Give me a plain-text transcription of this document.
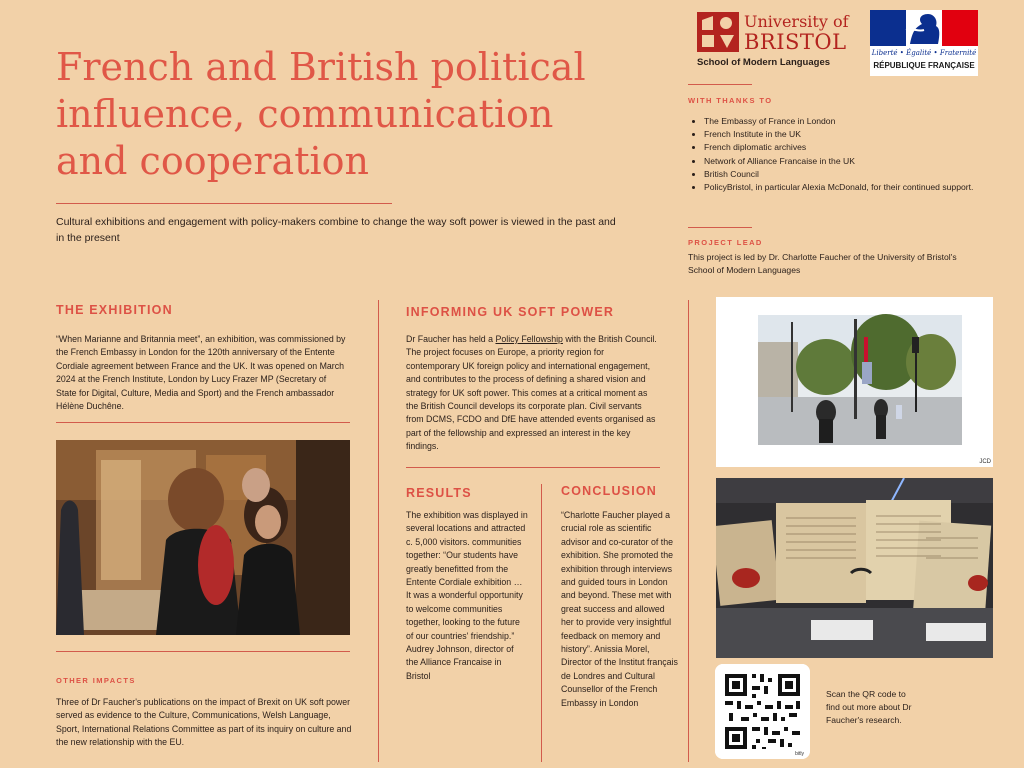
French and British political
influence, communication
and cooperation
Cultural exhibitions and engagement with policy-makers combine to change the way soft power is viewed in the past and in the present
University of
BRISTOL
School of Modern Languages
Liberté • Égalité • Fraternité
RÉPUBLIQUE FRANÇAISE
WITH THANKS TO
• The Embassy of France in London
• French Institute in the UK
• French diplomatic archives
• Network of Alliance Francaise in the UK
• British Council
• PolicyBristol, in particular Alexia McDonald, for their continued support.
PROJECT LEAD
This project is led by Dr. Charlotte Faucher of the University of Bristol's School of Modern Languages
THE EXHIBITION
“When Marianne and Britannia meet”, an exhibition, was commissioned by the French Embassy in London for the 120th anniversary of the Entente Cordiale agreement between France and the UK. It was opened on March 2024 at the French Institute, London by Lucy Frazer MP (Secretary of State for Digital, Culture, Media and Sport) and the French ambassador Hélène Duchêne.
OTHER IMPACTS
Three of Dr Faucher's publications on the impact of Brexit on UK soft power served as evidence to the Culture, Communications, Welsh Language, Sport, International Relations Committee as part of its inquiry on culture and the new relationship with the EU.
INFORMING UK SOFT POWER
Dr Faucher has held a Policy Fellowship with the British Council. The project focuses on Europe, a priority region for contemporary UK foreign policy and international engagement, and contributes to the process of defining a shared vision and strategy for UK soft power. This comes at a critical moment as the British Council develops its corporate plan. Civil servants from DCMS, FCDO and DfE have attended events organised as part of the fellowship and expressed an interest in the key findings.
RESULTS
The exhibition was displayed in several locations and attracted c. 5,000 visitors. communities together: “Our students have greatly benefitted from the Entente Cordiale exhibition … It was a wonderful opportunity to welcome communities together, looking to the future of our countries' friendship.” Audrey Johnson, director of the Alliance Francaise in Bristol
CONCLUSION
“Charlotte Faucher played a crucial role as scientific advisor and co-curator of the exhibition. She promoted the exhibition through interviews and guided tours in London and beyond. These met with great success and allowed her to provide very insightful feedback on memory and history”. Anissia Morel, Director of the Institut français de Londres and Cultural Counsellor of the French Embassy in London
JCD
bitly
Scan the QR code to find out more about Dr Faucher's research.
